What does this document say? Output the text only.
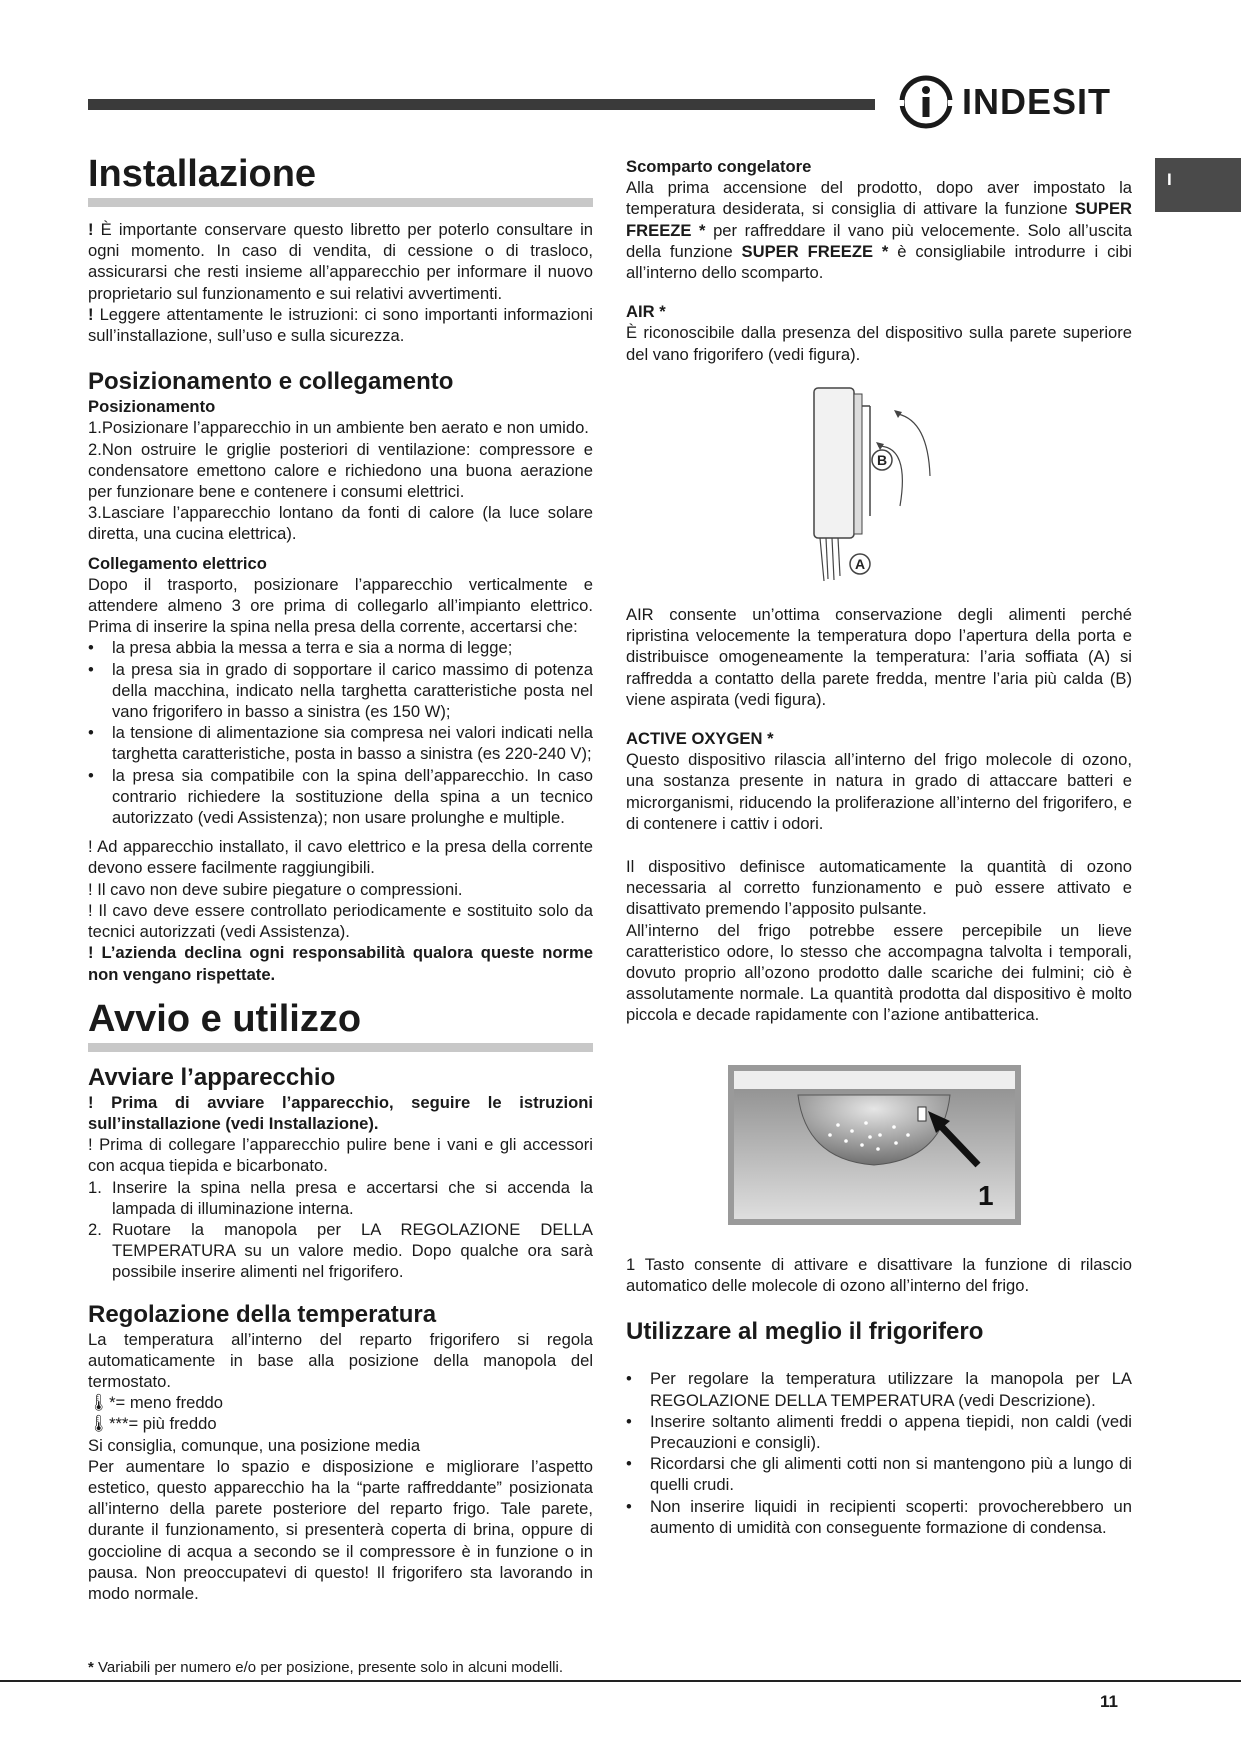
INDESIT
I
Installazione

! È importante conservare questo libretto per poterlo consultare in ogni momento. In caso di vendita, di cessione o di trasloco, assicurarsi che resti insieme all’apparecchio per informare il nuovo proprietario sul funzionamento e sui relativi avvertimenti.

! Leggere attentamente le istruzioni: ci sono importanti informazioni sull’installazione, sull’uso e sulla sicurezza.

Posizionamento e collegamento

Posizionamento

1.Posizionare l’apparecchio in un ambiente ben aerato e non umido.

2.Non ostruire le griglie posteriori di ventilazione: compressore e condensatore emettono calore e richiedono una buona aerazione per funzionare bene e contenere i consumi elettrici.

3.Lasciare l’apparecchio lontano da fonti di calore (la luce solare diretta, una cucina elettrica).

Collegamento elettrico

Dopo il trasporto, posizionare l’apparecchio verticalmente e attendere almeno 3 ore prima di collegarlo all’impianto elettrico. Prima di inserire la spina nella presa della corrente, accertarsi che:

• la presa abbia la messa a terra e sia a norma di legge;
• la presa sia in grado di sopportare il carico massimo di potenza della macchina, indicato nella targhetta caratteristiche posta nel vano frigorifero in basso a sinistra (es 150 W);
• la tensione di alimentazione sia compresa nei valori indicati nella targhetta caratteristiche, posta in basso a sinistra (es 220-240 V);
• la presa sia compatibile con la spina dell’apparecchio. In caso contrario richiedere la sostituzione della spina a un tecnico autorizzato (vedi Assistenza); non usare prolunghe e multiple.

! Ad apparecchio installato, il cavo elettrico e la presa della corrente devono essere facilmente raggiungibili.

! Il cavo non deve subire piegature o compressioni.

! Il cavo deve essere controllato periodicamente e sostituito solo da tecnici autorizzati (vedi Assistenza).

! L’azienda declina ogni responsabilità qualora queste norme non vengano rispettate.

Avvio e utilizzo
Avviare l’apparecchio

! Prima di avviare l’apparecchio, seguire le istruzioni sull’installazione (vedi Installazione).

! Prima di collegare l’apparecchio pulire bene i vani e gli accessori con acqua tiepida e bicarbonato.

1. Inserire la spina nella presa e accertarsi che si accenda la lampada di illuminazione interna.
2. Ruotare la manopola per LA REGOLAZIONE DELLA TEMPERATURA su un valore medio. Dopo qualche ora sarà possibile inserire alimenti nel frigorifero.
Regolazione della temperatura

La temperatura all’interno del reparto frigorifero si regola automaticamente in base alla posizione della manopola del termostato.

🌡*= meno freddo

🌡***= più freddo

Si consiglia, comunque, una posizione media

Per aumentare lo spazio e disposizione e migliorare l’aspetto estetico, questo apparecchio ha la “parte raffreddante” posizionata all’interno della parete posteriore del reparto frigo. Tale parete, durante il funzionamento, si presenterà coperta di brina, oppure di goccioline di acqua a secondo se il compressore è in funzione o in pausa. Non preoccupatevi di questo! Il frigorifero sta lavorando in modo normale.

Scomparto congelatore

Alla prima accensione del prodotto, dopo aver impostato la temperatura desiderata, si consiglia di attivare la funzione SUPER FREEZE * per raffreddare il vano più velocemente. Solo all’uscita della funzione SUPER FREEZE * è consigliabile introdurre i cibi all’interno dello scomparto.

AIR *

È riconoscibile dalla presenza del dispositivo sulla parete superiore del vano frigorifero (vedi figura).

B
A

AIR consente un’ottima conservazione degli alimenti perché ripristina velocemente la temperatura dopo l’apertura della porta e distribuisce omogeneamente la temperatura: l’aria soffiata (A) si raffredda a contatto della parete fredda, mentre l’aria più calda (B) viene aspirata (vedi figura).

ACTIVE OXYGEN *

Questo dispositivo rilascia all’interno del frigo molecole di ozono, una sostanza presente in natura in grado di attaccare batteri e microrganismi, riducendo la proliferazione all’interno del frigorifero, e di contenere i cattiv i odori.

Il dispositivo definisce automaticamente la quantità di ozono necessaria al corretto funzionamento e può essere attivato e disattivato premendo l’apposito pulsante.

All’interno del frigo potrebbe essere percepibile un lieve caratteristico odore, lo stesso che accompagna talvolta i temporali, dovuto proprio all’ozono prodotto dalle scariche dei fulmini; ciò è assolutamente normale. La quantità prodotta dal dispositivo è molto piccola e decade rapidamente con l’azione antibatterica.

1

1 Tasto consente di attivare e disattivare la funzione di rilascio automatico delle molecole di ozono all’interno del frigo.

Utilizzare al meglio il frigorifero
• Per regolare la temperatura utilizzare la manopola per LA REGOLAZIONE DELLA TEMPERATURA (vedi Descrizione).
• Inserire soltanto alimenti freddi o appena tiepidi, non caldi (vedi Precauzioni e consigli).
• Ricordarsi che gli alimenti cotti non si mantengono più a lungo di quelli crudi.
• Non inserire liquidi in recipienti scoperti: provocherebbero un aumento di umidità con conseguente formazione di condensa.
* Variabili per numero e/o per posizione, presente solo in alcuni modelli.
11
